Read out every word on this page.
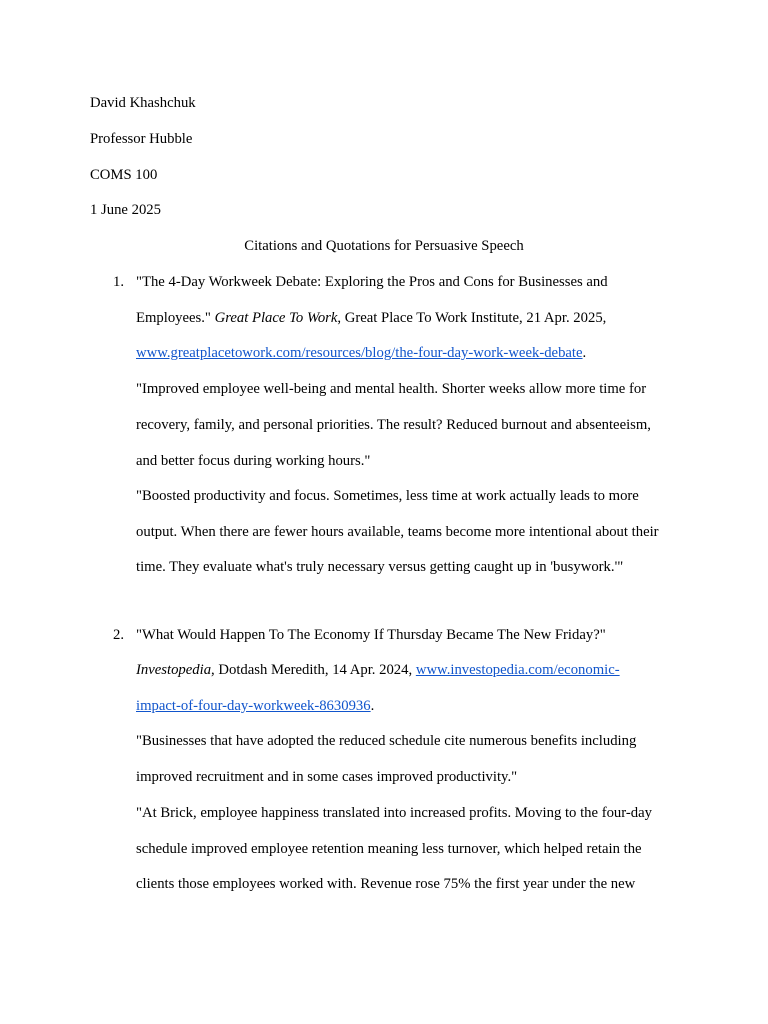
David Khashchuk
Professor Hubble
COMS 100
1 June 2025
Citations and Quotations for Persuasive Speech
1. "The 4-Day Workweek Debate: Exploring the Pros and Cons for Businesses and
Employees." Great Place To Work, Great Place To Work Institute, 21 Apr. 2025,
www.greatplacetowork.com/resources/blog/the-four-day-work-week-debate.
"Improved employee well-being and mental health. Shorter weeks allow more time for
recovery, family, and personal priorities. The result? Reduced burnout and absenteeism,
and better focus during working hours."
"Boosted productivity and focus. Sometimes, less time at work actually leads to more
output. When there are fewer hours available, teams become more intentional about their
time. They evaluate what's truly necessary versus getting caught up in 'busywork.'"
2. "What Would Happen To The Economy If Thursday Became The New Friday?"
Investopedia, Dotdash Meredith, 14 Apr. 2024, www.investopedia.com/economic-
impact-of-four-day-workweek-8630936.
"Businesses that have adopted the reduced schedule cite numerous benefits including
improved recruitment and in some cases improved productivity."
"At Brick, employee happiness translated into increased profits. Moving to the four-day
schedule improved employee retention meaning less turnover, which helped retain the
clients those employees worked with. Revenue rose 75% the first year under the new
